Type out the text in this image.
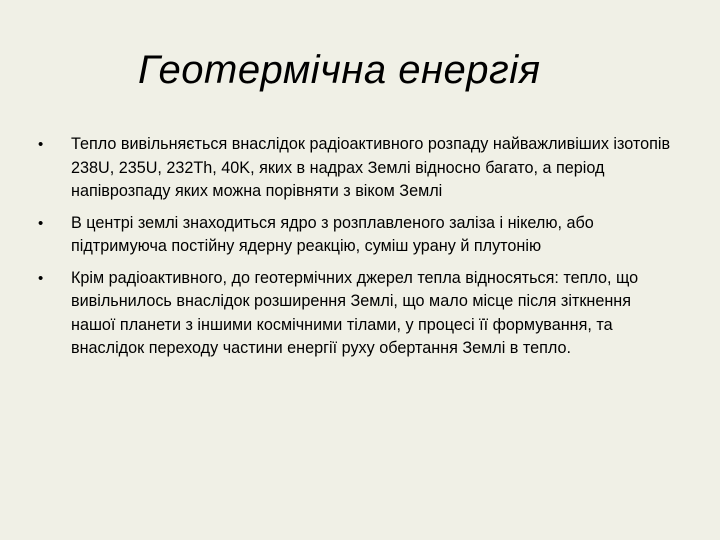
Геотермічна енергія
• Тепло вивільняється внаслідок радіоактивного розпаду найважливіших ізотопів 238U, 235U, 232Th, 40K, яких в надрах Землі відносно багато, а період напіврозпаду яких можна порівняти з віком Землі
• В центрі землі знаходиться ядро з розплавленого заліза і нікелю, або підтримуюча постійну ядерну реакцію, суміш урану й плутонію
• Крім радіоактивного, до геотермічних джерел тепла відносяться: тепло, що вивільнилось внаслідок розширення Землі, що мало місце після зіткнення нашої планети з іншими космічними тілами, у процесі її формування, та внаслідок переходу частини енергії руху обертання Землі в тепло.
